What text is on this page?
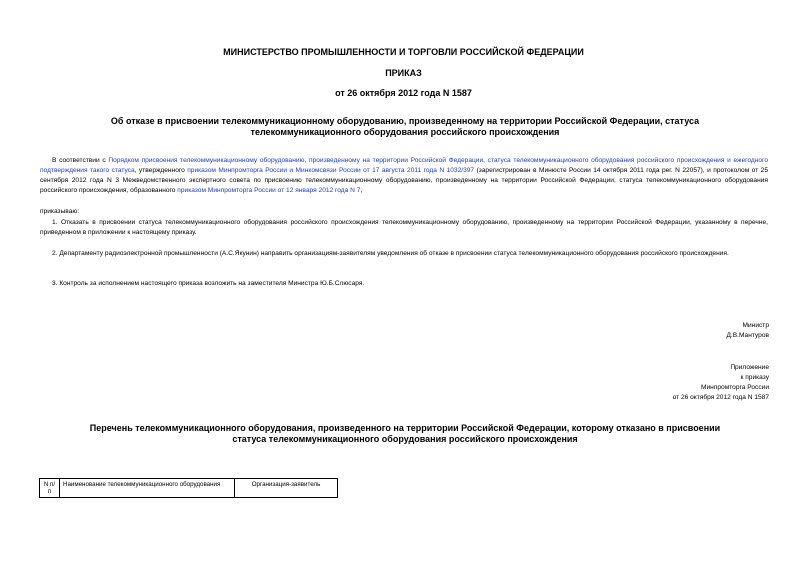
МИНИСТЕРСТВО ПРОМЫШЛЕННОСТИ И ТОРГОВЛИ РОССИЙСКОЙ ФЕДЕРАЦИИ
ПРИКАЗ
от 26 октября 2012 года N 1587
Об отказе в присвоении телекоммуникационному оборудованию, произведенному на территории Российской Федерации, статуса телекоммуникационного оборудования российского происхождения
В соответствии с Порядком присвоения телекоммуникационному оборудованию, произведенному на территории Российской Федерации, статуса телекоммуникационного оборудования российского происхождения и ежегодного подтверждения такого статуса, утвержденного приказом Минпромторга России и Минкомсвязи России от 17 августа 2011 года N 1032/397 (зарегистрирован в Минюсте России 14 октября 2011 года рег. N 22057), и протоколом от 25 сентября 2012 года N 3 Межведомственного экспертного совета по присвоению телекоммуникационному оборудованию, произведенному на территории Российской Федерации, статуса телекоммуникационного оборудования российского происхождения, образованного приказом Минпромторга России от 12 января 2012 года N 7,
приказываю:
1. Отказать в присвоении статуса телекоммуникационного оборудования российского происхождения телекоммуникационному оборудованию, произведенному на территории Российской Федерации, указанному в перечне, приведенном в приложении к настоящему приказу.
2. Департаменту радиоэлектронной промышленности (А.С.Якунин) направить организациям-заявителям уведомления об отказе в присвоении статуса телекоммуникационного оборудования российского происхождения.
3. Контроль за исполнением настоящего приказа возложить на заместителя Министра Ю.Б.Слюсаря.
Министр
Д.В.Мантуров
Приложение
к приказу
Минпромторга России
от 26 октября 2012 года N 1587
Перечень телекоммуникационного оборудования, произведенного на территории Российской Федерации, которому отказано в присвоении статуса телекоммуникационного оборудования российского происхождения
N п/п	Наименование телекоммуникационного оборудования	Организация-заявитель
